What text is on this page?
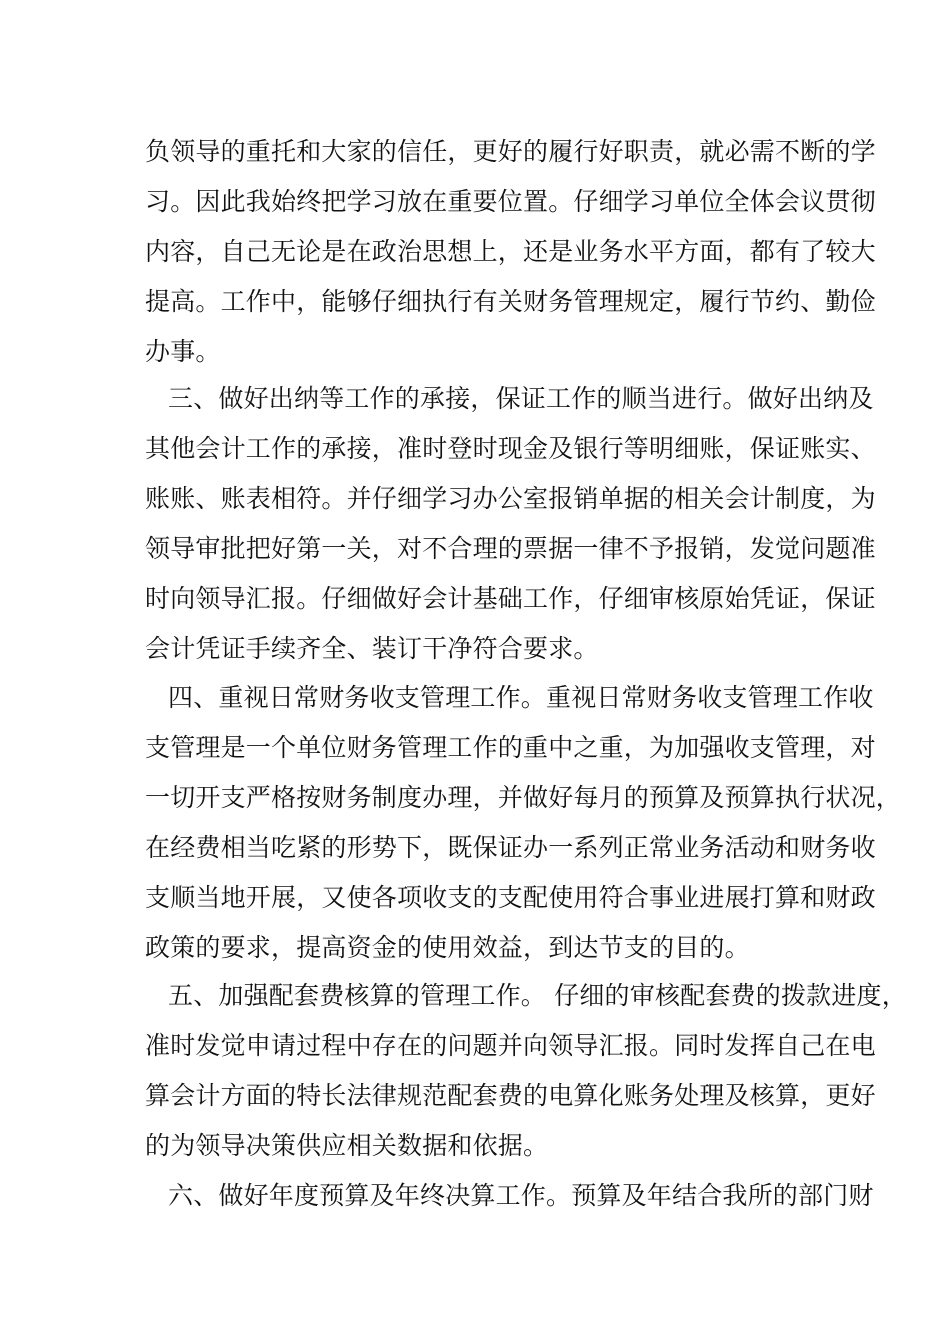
负领导的重托和大家的信任，更好的履行好职责，就必需不断的学
习。因此我始终把学习放在重要位置。仔细学习单位全体会议贯彻
内容，自己无论是在政治思想上，还是业务水平方面，都有了较大
提高。工作中，能够仔细执行有关财务管理规定，履行节约、勤俭
办事。
三、做好出纳等工作的承接，保证工作的顺当进行。做好出纳及
其他会计工作的承接，准时登时现金及银行等明细账，保证账实、
账账、账表相符。并仔细学习办公室报销单据的相关会计制度，为
领导审批把好第一关，对不合理的票据一律不予报销，发觉问题准
时向领导汇报。仔细做好会计基础工作，仔细审核原始凭证，保证
会计凭证手续齐全、装订干净符合要求。
四、重视日常财务收支管理工作。重视日常财务收支管理工作收
支管理是一个单位财务管理工作的重中之重，为加强收支管理，对
一切开支严格按财务制度办理，并做好每月的预算及预算执行状况，
在经费相当吃紧的形势下，既保证办一系列正常业务活动和财务收
支顺当地开展，又使各项收支的支配使用符合事业进展打算和财政
政策的要求，提高资金的使用效益，到达节支的目的。
五、加强配套费核算的管理工作。 仔细的审核配套费的拨款进度，
准时发觉申请过程中存在的问题并向领导汇报。同时发挥自己在电
算会计方面的特长法律规范配套费的电算化账务处理及核算，更好
的为领导决策供应相关数据和依据。
六、做好年度预算及年终决算工作。预算及年结合我所的部门财
